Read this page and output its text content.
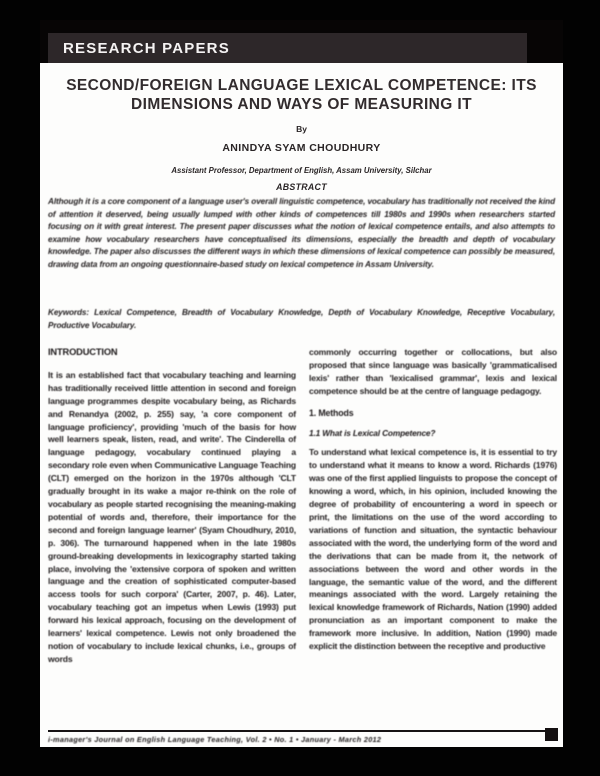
RESEARCH PAPERS
SECOND/FOREIGN LANGUAGE LEXICAL COMPETENCE: ITS
DIMENSIONS AND WAYS OF MEASURING IT
By
ANINDYA SYAM CHOUDHURY
Assistant Professor, Department of English, Assam University, Silchar
ABSTRACT
Although it is a core component of a language user's overall linguistic competence, vocabulary has traditionally not received the kind of attention it deserved, being usually lumped with other kinds of competences till 1980s and 1990s when researchers started focusing on it with great interest. The present paper discusses what the notion of lexical competence entails, and also attempts to examine how vocabulary researchers have conceptualised its dimensions, especially the breadth and depth of vocabulary knowledge. The paper also discusses the different ways in which these dimensions of lexical competence can possibly be measured, drawing data from an ongoing questionnaire-based study on lexical competence in Assam University.
Keywords: Lexical Competence, Breadth of Vocabulary Knowledge, Depth of Vocabulary Knowledge, Receptive Vocabulary, Productive Vocabulary.
INTRODUCTION

It is an established fact that vocabulary teaching and learning has traditionally received little attention in second and foreign language programmes despite vocabulary being, as Richards and Renandya (2002, p. 255) say, 'a core component of language proficiency', providing 'much of the basis for how well learners speak, listen, read, and write'. The Cinderella of language pedagogy, vocabulary continued playing a secondary role even when Communicative Language Teaching (CLT) emerged on the horizon in the 1970s although 'CLT gradually brought in its wake a major re-think on the role of vocabulary as people started recognising the meaning-making potential of words and, therefore, their importance for the second and foreign language learner' (Syam Choudhury, 2010, p. 306). The turnaround happened when in the late 1980s ground-breaking developments in lexicography started taking place, involving the 'extensive corpora of spoken and written language and the creation of sophisticated computer-based access tools for such corpora' (Carter, 2007, p. 46). Later, vocabulary teaching got an impetus when Lewis (1993) put forward his lexical approach, focusing on the development of learners' lexical competence. Lewis not only broadened the notion of vocabulary to include lexical chunks, i.e., groups of words

commonly occurring together or collocations, but also proposed that since language was basically 'grammaticalised lexis' rather than 'lexicalised grammar', lexis and lexical competence should be at the centre of language pedagogy.

1. Methods
1.1 What is Lexical Competence?

To understand what lexical competence is, it is essential to try to understand what it means to know a word. Richards (1976) was one of the first applied linguists to propose the concept of knowing a word, which, in his opinion, included knowing the degree of probability of encountering a word in speech or print, the limitations on the use of the word according to variations of function and situation, the syntactic behaviour associated with the word, the underlying form of the word and the derivations that can be made from it, the network of associations between the word and other words in the language, the semantic value of the word, and the different meanings associated with the word. Largely retaining the lexical knowledge framework of Richards, Nation (1990) added pronunciation as an important component to make the framework more inclusive. In addition, Nation (1990) made explicit the distinction between the receptive and productive

i-manager's Journal on English Language Teaching, Vol. 2 • No. 1 • January - March 2012
